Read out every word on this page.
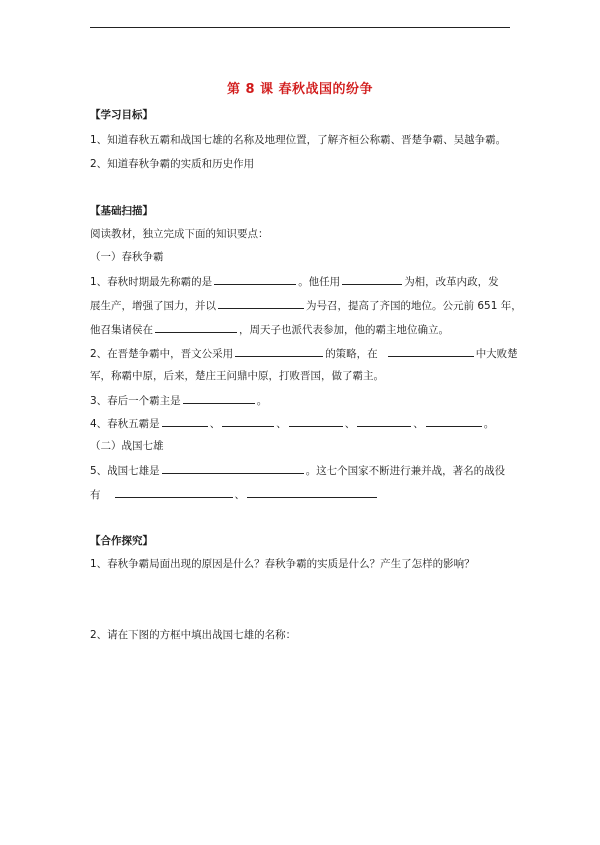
第 8 课 春秋战国的纷争
【学习目标】
1、知道春秋五霸和战国七雄的名称及地理位置，了解齐桓公称霸、晋楚争霸、吴越争霸。
2、知道春秋争霸的实质和历史作用
【基础扫描】
阅读教材，独立完成下面的知识要点：
（一）春秋争霸
1、春秋时期最先称霸的是	。他任用	为相，改革内政，发
展生产，增强了国力，并以	为号召，提高了齐国的地位。公元前 651 年，
他召集诸侯在	，周天子也派代表参加，他的霸主地位确立。
2、在晋楚争霸中，晋文公采用	的策略，在	中大败楚
军，称霸中原，后来，楚庄王问鼎中原，打败晋国，做了霸主。
3、春后一个霸主是	。
4、春秋五霸是	、	、	、	、	。
（二）战国七雄
5、战国七雄是	。这七个国家不断进行兼并战，著名的战役
有	、
【合作探究】
1、春秋争霸局面出现的原因是什么？春秋争霸的实质是什么？产生了怎样的影响？
2、请在下图的方框中填出战国七雄的名称：
